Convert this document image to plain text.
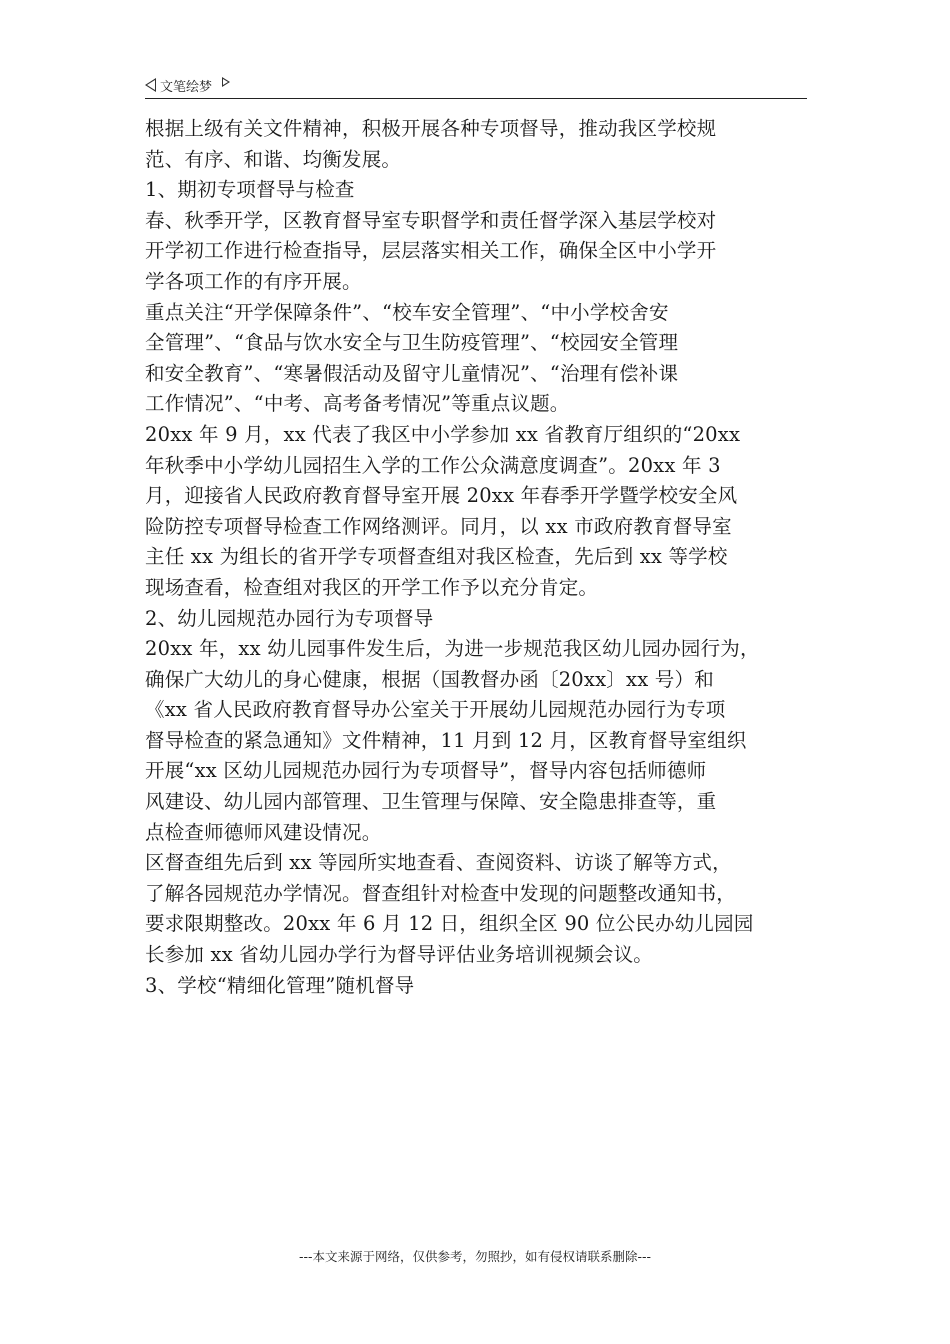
文笔绘梦
根据上级有关文件精神，积极开展各种专项督导，推动我区学校规
范、有序、和谐、均衡发展。
1、期初专项督导与检查
春、秋季开学，区教育督导室专职督学和责任督学深入基层学校对
开学初工作进行检查指导，层层落实相关工作，确保全区中小学开
学各项工作的有序开展。
重点关注“开学保障条件”、“校车安全管理”、“中小学校舍安
全管理”、“食品与饮水安全与卫生防疫管理”、“校园安全管理
和安全教育”、“寒暑假活动及留守儿童情况”、“治理有偿补课
工作情况”、“中考、高考备考情况”等重点议题。
20xx 年 9 月，xx 代表了我区中小学参加 xx 省教育厅组织的“20xx
年秋季中小学幼儿园招生入学的工作公众满意度调查”。20xx 年 3
月，迎接省人民政府教育督导室开展 20xx 年春季开学暨学校安全风
险防控专项督导检查工作网络测评。同月，以 xx 市政府教育督导室
主任 xx 为组长的省开学专项督查组对我区检查，先后到 xx 等学校
现场查看，检查组对我区的开学工作予以充分肯定。
2、幼儿园规范办园行为专项督导
20xx 年，xx 幼儿园事件发生后，为进一步规范我区幼儿园办园行为，
确保广大幼儿的身心健康，根据（国教督办函〔20xx〕xx 号）和
《xx 省人民政府教育督导办公室关于开展幼儿园规范办园行为专项
督导检查的紧急通知》文件精神，11 月到 12 月，区教育督导室组织
开展“xx 区幼儿园规范办园行为专项督导”，督导内容包括师德师
风建设、幼儿园内部管理、卫生管理与保障、安全隐患排查等，重
点检查师德师风建设情况。
区督查组先后到 xx 等园所实地查看、查阅资料、访谈了解等方式，
了解各园规范办学情况。督查组针对检查中发现的问题整改通知书，
要求限期整改。20xx 年 6 月 12 日，组织全区 90 位公民办幼儿园园
长参加 xx 省幼儿园办学行为督导评估业务培训视频会议。
3、学校“精细化管理”随机督导
---本文来源于网络，仅供参考，勿照抄，如有侵权请联系删除---
